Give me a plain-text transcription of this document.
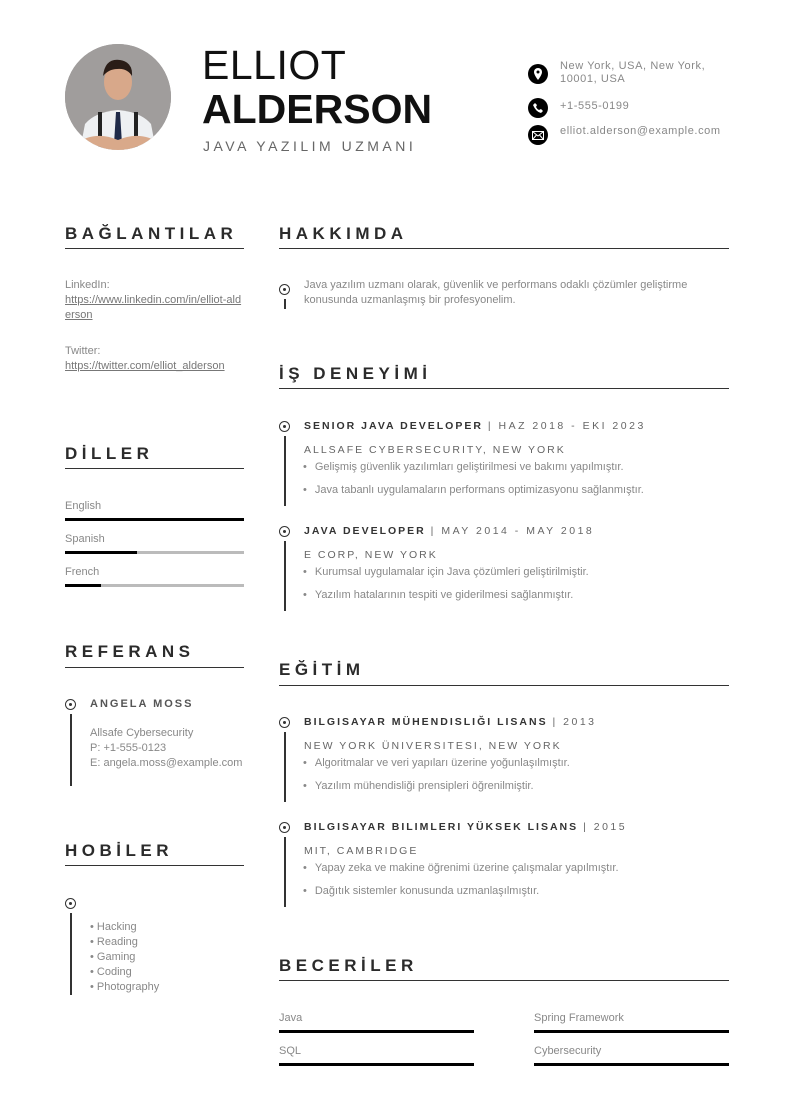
ELLIOT
ALDERSON
JAVA YAZILIM UZMANI
New York, USA, New York, 10001, USA
+1-555-0199
elliot.alderson@example.com
BAĞLANTILAR
LinkedIn:
https://www.linkedin.com/in/elliot-alderson
Twitter:
https://twitter.com/elliot_alderson
DİLLER
English
Spanish
French
REFERANS
ANGELA MOSS
Allsafe Cybersecurity
P: +1-555-0123
E: angela.moss@example.com
HOBİLER
• Hacking
• Reading
• Gaming
• Coding
• Photography
HAKKIMDA
Java yazılım uzmanı olarak, güvenlik ve performans odaklı çözümler geliştirme konusunda uzmanlaşmış bir profesyonelim.
İŞ DENEYİMİ
SENIOR JAVA DEVELOPER | HAZ 2018 - EKI 2023
ALLSAFE CYBERSECURITY, NEW YORK
• Gelişmiş güvenlik yazılımları geliştirilmesi ve bakımı yapılmıştır.
• Java tabanlı uygulamaların performans optimizasyonu sağlanmıştır.
JAVA DEVELOPER | MAY 2014 - MAY 2018
E CORP, NEW YORK
• Kurumsal uygulamalar için Java çözümleri geliştirilmiştir.
• Yazılım hatalarının tespiti ve giderilmesi sağlanmıştır.
EĞİTİM
BILGISAYAR MÜHENDISLIĞI LISANS | 2013
NEW YORK ÜNIVERSITESI, NEW YORK
• Algoritmalar ve veri yapıları üzerine yoğunlaşılmıştır.
• Yazılım mühendisliği prensipleri öğrenilmiştir.
BILGISAYAR BILIMLERI YÜKSEK LISANS | 2015
MIT, CAMBRIDGE
• Yapay zeka ve makine öğrenimi üzerine çalışmalar yapılmıştır.
• Dağıtık sistemler konusunda uzmanlaşılmıştır.
BECERİLER
Java	Spring Framework
SQL	Cybersecurity
